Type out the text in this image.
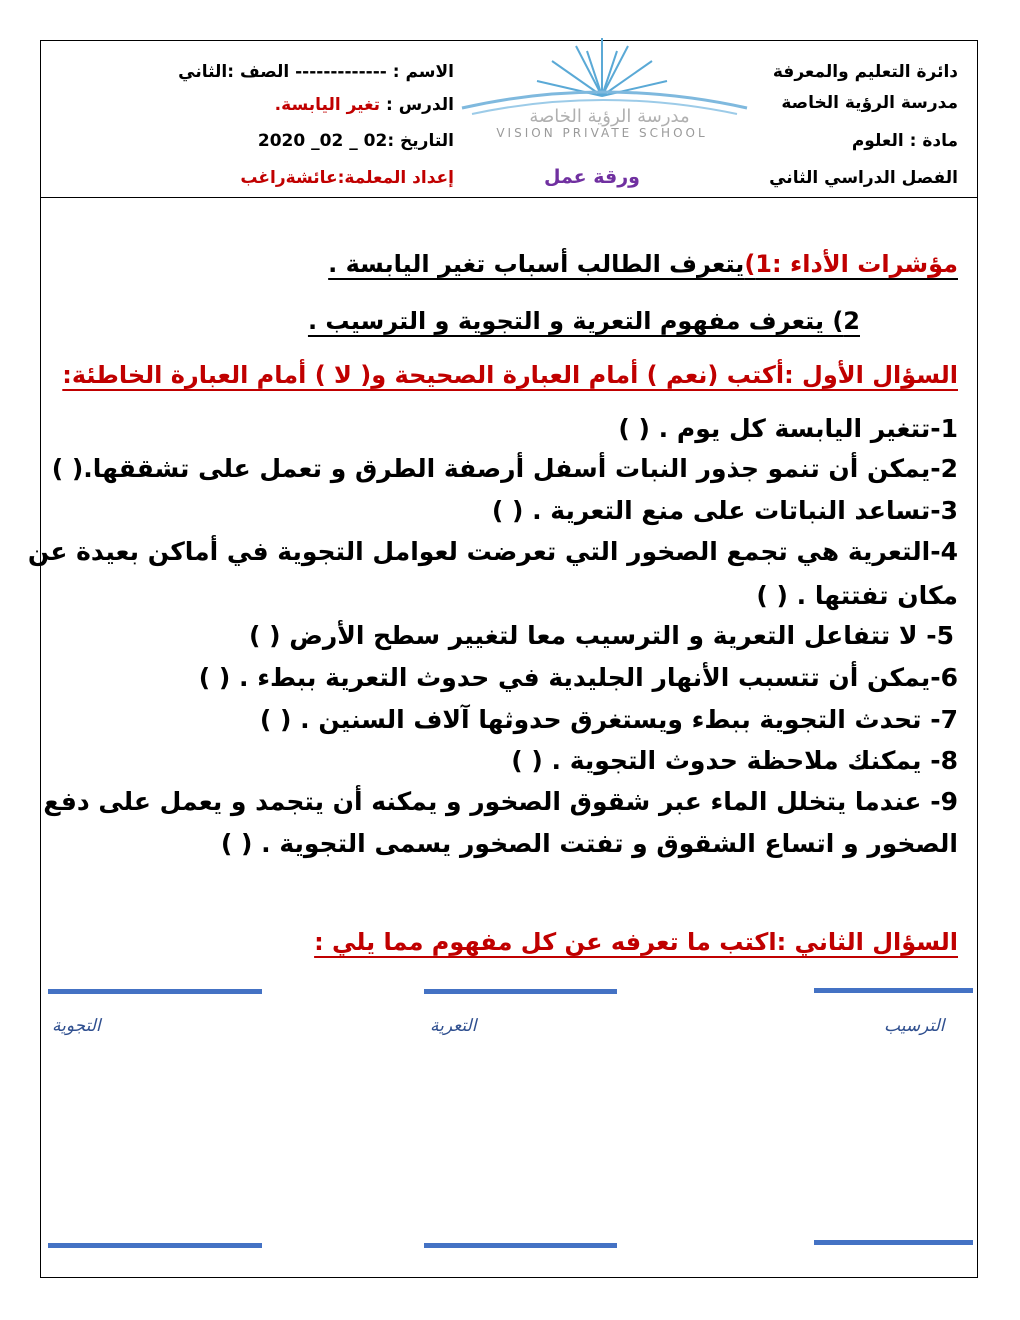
دائرة التعليم والمعرفة
مدرسة الرؤية الخاصة
مادة : العلوم
الفصل الدراسي الثاني
مدرسة الرؤية الخاصة
VISION PRIVATE SCHOOL
الاسم : ------------- الصف :الثاني
الدرس : تغير اليابسة.
التاريخ :02 _ 02_ 2020
إعداد المعلمة:عائشةراغب	ورقة عمل
مؤشرات الأداء :1)يتعرف الطالب أسباب تغير اليابسة .
2) يتعرف مفهوم التعرية و التجوية و الترسيب .
السؤال الأول :أكتب (نعم ) أمام العبارة الصحيحة و( لا ) أمام العبارة الخاطئة:
1-تتغير اليابسة كل يوم . ( )
2-يمكن أن تنمو جذور النبات أسفل أرصفة الطرق و تعمل على تشققها.( )
3-تساعد النباتات على منع التعرية . ( )
4-التعرية هي تجمع الصخور التي تعرضت لعوامل التجوية في أماكن بعيدة عن
مكان تفتتها . ( )
5- لا تتفاعل التعرية و الترسيب معا لتغيير سطح الأرض ( )
6-يمكن أن تتسبب الأنهار الجليدية في حدوث التعرية ببطء . ( )
7- تحدث التجوية ببطء ويستغرق حدوثها آلاف السنين . ( )
8- يمكنك ملاحظة حدوث التجوية . ( )
9- عندما يتخلل الماء عبر شقوق الصخور و يمكنه أن يتجمد و يعمل على دفع
الصخور و اتساع الشقوق و تفتت الصخور يسمى التجوية . ( )
السؤال الثاني :اكتب ما تعرفه عن كل مفهوم مما يلي :
الترسيب
التعرية
التجوية
